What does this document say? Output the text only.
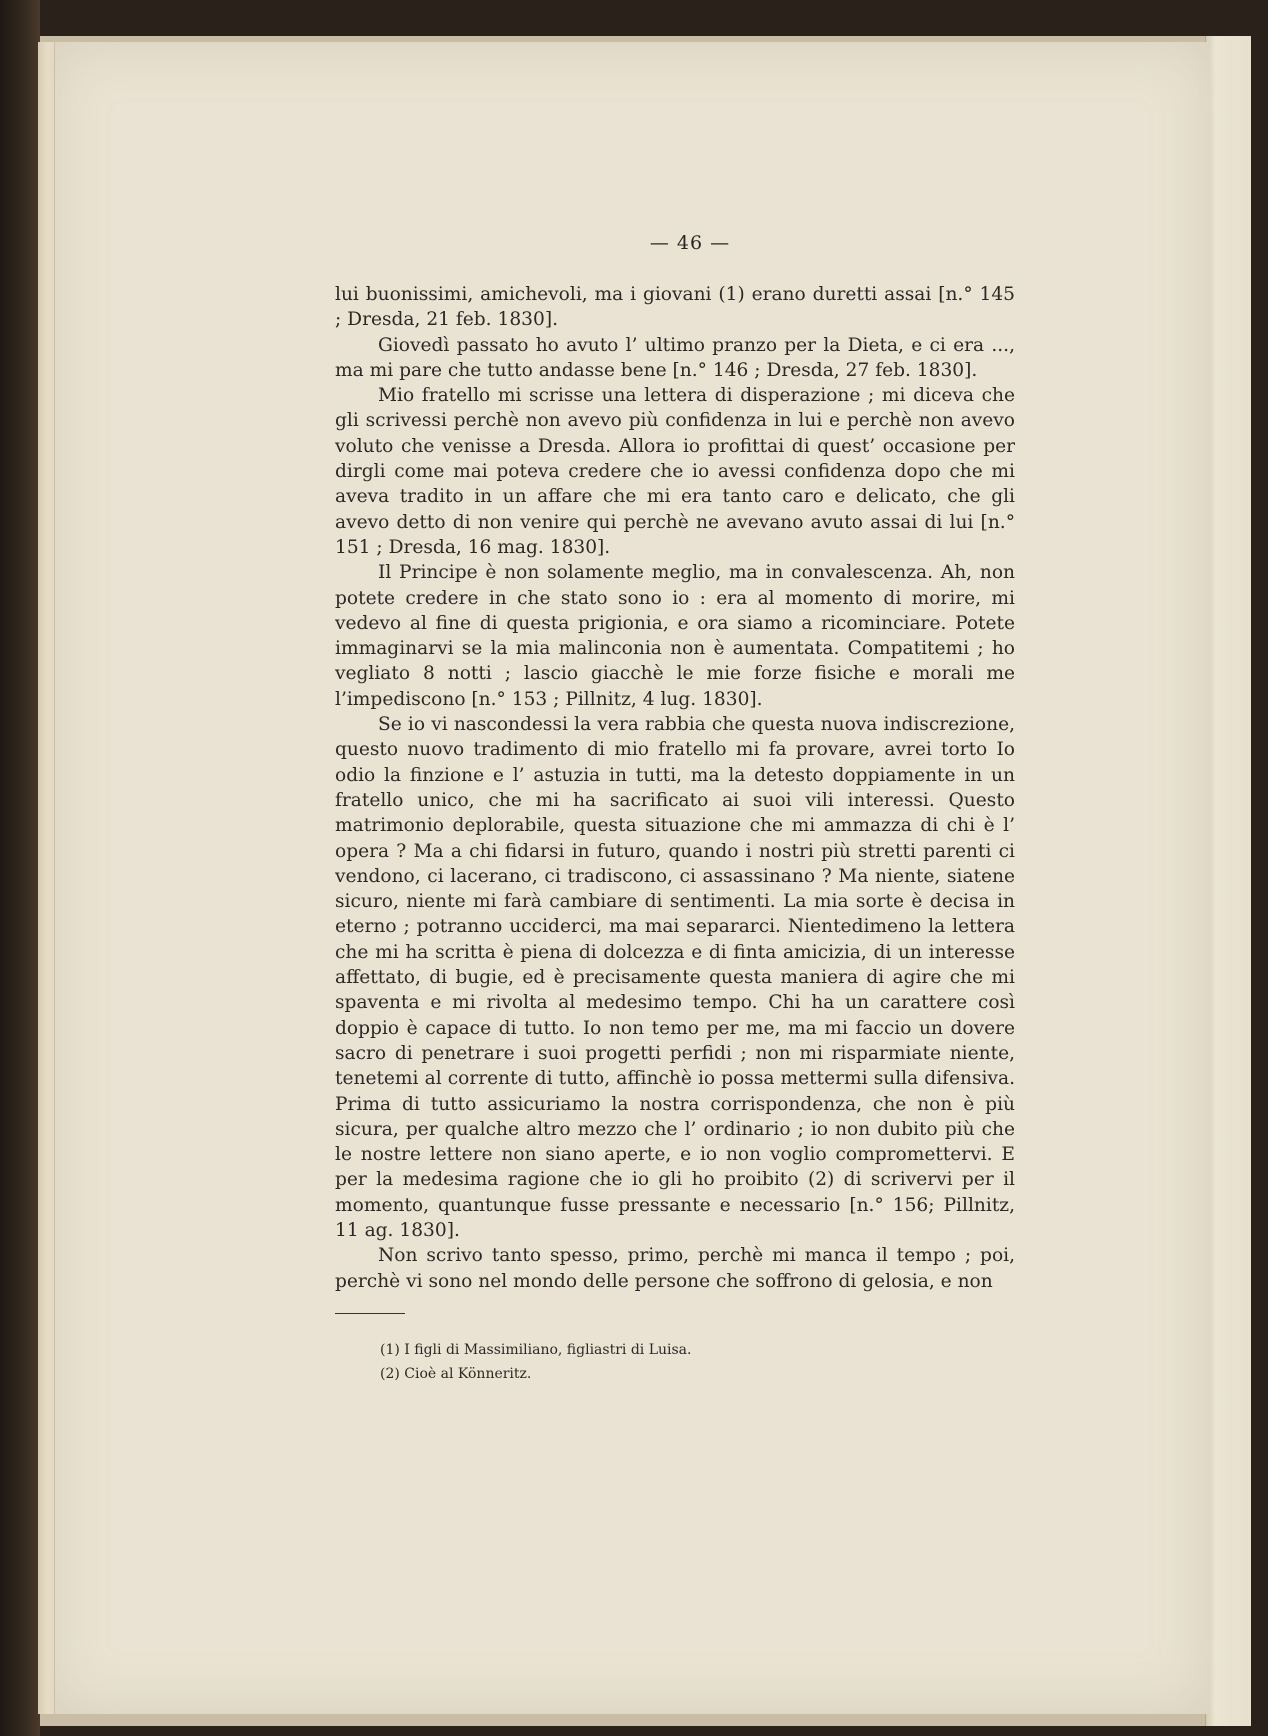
— 46 —

lui buonissimi, amichevoli, ma i giovani (1) erano duretti assai [n.° 145 ; Dresda, 21 feb. 1830].

Giovedì passato ho avuto l’ ultimo pranzo per la Dieta, e ci era ..., ma mi pare che tutto andasse bene [n.° 146 ; Dresda, 27 feb. 1830].

Mio fratello mi scrisse una lettera di disperazione ; mi diceva che gli scrivessi perchè non avevo più confidenza in lui e perchè non avevo voluto che venisse a Dresda. Allora io profittai di quest’ occasione per dirgli come mai poteva credere che io avessi confidenza dopo che mi aveva tradito in un affare che mi era tanto caro e delicato, che gli avevo detto di non venire qui perchè ne avevano avuto assai di lui [n.° 151 ; Dresda, 16 mag. 1830].

Il Principe è non solamente meglio, ma in convalescenza. Ah, non potete credere in che stato sono io : era al momento di morire, mi vedevo al fine di questa prigionia, e ora siamo a ricominciare. Potete immaginarvi se la mia malinconia non è aumentata. Compatitemi ; ho vegliato 8 notti ; lascio giacchè le mie forze fisiche e morali me l’impediscono [n.° 153 ; Pillnitz, 4 lug. 1830].

Se io vi nascondessi la vera rabbia che questa nuova indiscrezione, questo nuovo tradimento di mio fratello mi fa provare, avrei torto Io odio la finzione e l’ astuzia in tutti, ma la detesto doppiamente in un fratello unico, che mi ha sacrificato ai suoi vili interessi. Questo matrimonio deplorabile, questa situazione che mi ammazza di chi è l’ opera ? Ma a chi fidarsi in futuro, quando i nostri più stretti parenti ci vendono, ci lacerano, ci tradiscono, ci assassinano ? Ma niente, siatene sicuro, niente mi farà cambiare di sentimenti. La mia sorte è decisa in eterno ; potranno ucciderci, ma mai separarci. Nientedimeno la lettera che mi ha scritta è piena di dolcezza e di finta amicizia, di un interesse affettato, di bugie, ed è precisamente questa maniera di agire che mi spaventa e mi rivolta al medesimo tempo. Chi ha un carattere così doppio è capace di tutto. Io non temo per me, ma mi faccio un dovere sacro di penetrare i suoi progetti perfidi ; non mi risparmiate niente, tenetemi al corrente di tutto, affinchè io possa mettermi sulla difensiva. Prima di tutto assicuriamo la nostra corrispondenza, che non è più sicura, per qualche altro mezzo che l’ ordinario ; io non dubito più che le nostre lettere non siano aperte, e io non voglio compromettervi. E per la medesima ragione che io gli ho proibito (2) di scrivervi per il momento, quantunque fusse pressante e necessario [n.° 156; Pillnitz, 11 ag. 1830].

Non scrivo tanto spesso, primo, perchè mi manca il tempo ; poi, perchè vi sono nel mondo delle persone che soffrono di gelosia, e non

(1) I figli di Massimiliano, figliastri di Luisa.
(2) Cioè al Könneritz.
